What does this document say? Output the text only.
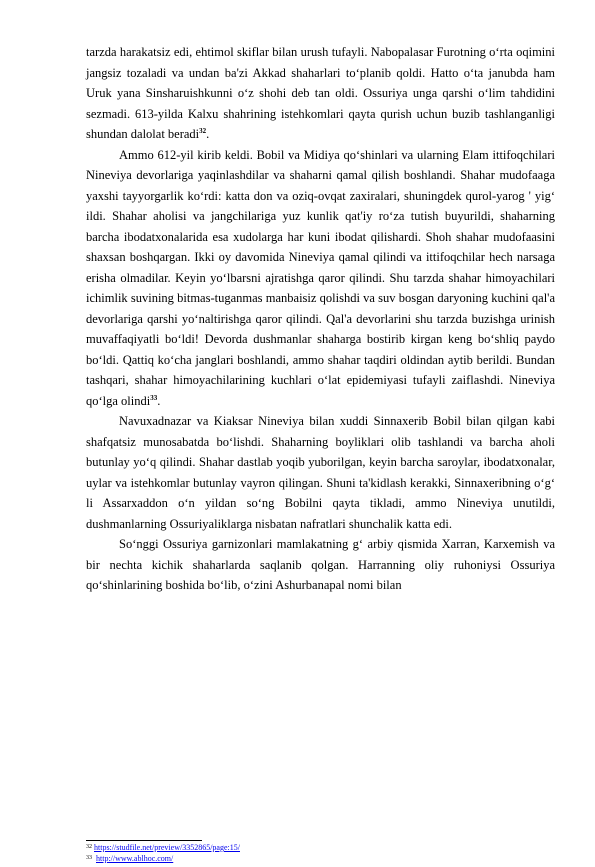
tarzda harakatsiz edi, ehtimol skiflar bilan urush tufayli. Nabopalasar Furotning o‘rta oqimini jangsiz tozaladi va undan ba'zi Akkad shaharlari to‘planib qoldi. Hatto o‘ta janubda ham Uruk yana Sinsharuishkunni o‘z shohi deb tan oldi. Ossuriya unga qarshi o‘lim tahdidini sezmadi. 613-yilda Kalxu shahrining istehkomlari qayta qurish uchun buzib tashlanganligi shundan dalolat beradi$^{32}$.

Ammo 612-yil kirib keldi. Bobil va Midiya qo‘shinlari va ularning Elam ittifoqchilari Nineviya devorlariga yaqinlashdilar va shaharni qamal qilish boshlandi. Shahar mudofaaga yaxshi tayyorgarlik ko‘rdi: katta don va oziq-ovqat zaxiralari, shuningdek qurol-yarog ' yig‘ ildi. Shahar aholisi va jangchilariga yuz kunlik qat'iy ro‘za tutish buyurildi, shaharning barcha ibodatxonalarida esa xudolarga har kuni ibodat qilishardi. Shoh shahar mudofaasini shaxsan boshqargan. Ikki oy davomida Nineviya qamal qilindi va ittifoqchilar hech narsaga erisha olmadilar. Keyin yo‘lbarsni ajratishga qaror qilindi. Shu tarzda shahar himoyachilari ichimlik suvining bitmas-tuganmas manbaisiz qolishdi va suv bosgan daryoning kuchini qal'a devorlariga qarshi yo‘naltirishga qaror qilindi. Qal'a devorlarini shu tarzda buzishga urinish muvaffaqiyatli bo‘ldi! Devorda dushmanlar shaharga bostirib kirgan keng bo‘shliq paydo bo‘ldi. Qattiq ko‘cha janglari boshlandi, ammo shahar taqdiri oldindan aytib berildi. Bundan tashqari, shahar himoyachilarining kuchlari o‘lat epidemiyasi tufayli zaiflashdi. Nineviya qo‘lga olindi$^{33}$.

Navuxadnazar va Kiaksar Nineviya bilan xuddi Sinnaxerib Bobil bilan qilgan kabi shafqatsiz munosabatda bo‘lishdi. Shaharning boyliklari olib tashlandi va barcha aholi butunlay yo‘q qilindi. Shahar dastlab yoqib yuborilgan, keyin barcha saroylar, ibodatxonalar, uylar va istehkomlar butunlay vayron qilingan. Shuni ta'kidlash kerakki, Sinnaxeribning o‘g‘ li Assarxaddon o‘n yildan so‘ng Bobilni qayta tikladi, ammo Nineviya unutildi, dushmanlarning Ossuriyaliklarga nisbatan nafratlari shunchalik katta edi.

So‘nggi Ossuriya garnizonlari mamlakatning g‘ arbiy qismida Xarran, Karxemish va bir nechta kichik shaharlarda saqlanib qolgan. Harranning oliy ruhoniysi Ossuriya qo‘shinlarining boshida bo‘lib, o‘zini Ashurbanapal nomi bilan

$^{32}$ https://studfile.net/preview/3352865/page:15/
$^{33}$ http://www.ablhoc.com/
